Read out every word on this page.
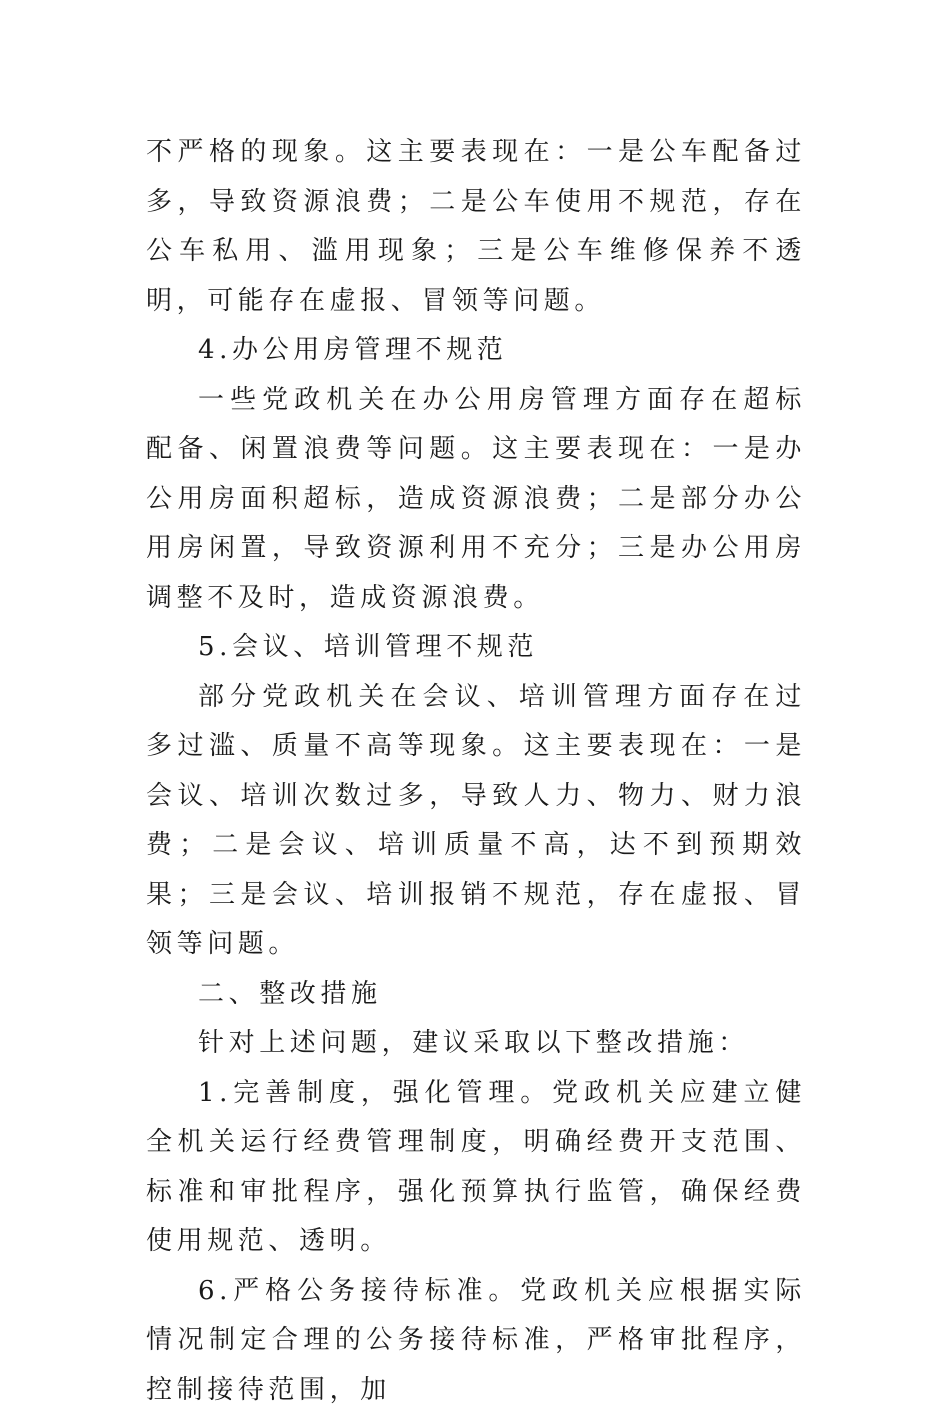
不严格的现象。这主要表现在：一是公车配备过多，导致资源浪费；二是公车使用不规范，存在公车私用、滥用现象；三是公车维修保养不透明，可能存在虚报、冒领等问题。

4.办公用房管理不规范

一些党政机关在办公用房管理方面存在超标配备、闲置浪费等问题。这主要表现在：一是办公用房面积超标，造成资源浪费；二是部分办公用房闲置，导致资源利用不充分；三是办公用房调整不及时，造成资源浪费。

5.会议、培训管理不规范

部分党政机关在会议、培训管理方面存在过多过滥、质量不高等现象。这主要表现在：一是会议、培训次数过多，导致人力、物力、财力浪费；二是会议、培训质量不高，达不到预期效果；三是会议、培训报销不规范，存在虚报、冒领等问题。

二、整改措施

针对上述问题，建议采取以下整改措施：

1.完善制度，强化管理。党政机关应建立健全机关运行经费管理制度，明确经费开支范围、标准和审批程序，强化预算执行监管，确保经费使用规范、透明。

6.严格公务接待标准。党政机关应根据实际情况制定合理的公务接待标准，严格审批程序，控制接待范围，加
